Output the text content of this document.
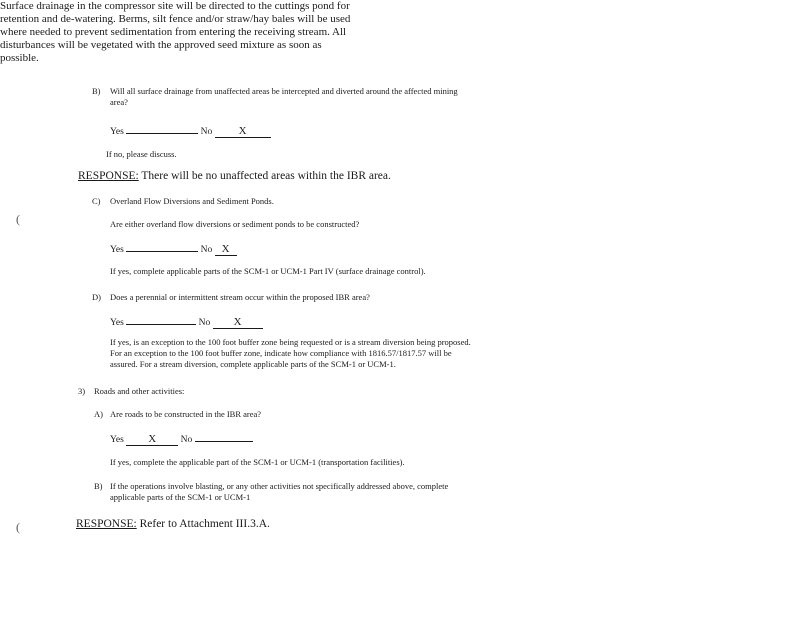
Surface drainage in the compressor site will be directed to the cuttings pond for
retention and de-watering. Berms, silt fence and/or straw/hay bales will be used
where needed to prevent sedimentation from entering the receiving stream. All
disturbances will be vegetated with the approved seed mixture as soon as
possible.
B) Will all surface drainage from unaffected areas be intercepted and diverted around the affected mining
area?
Yes	No X
If no, please discuss.
RESPONSE: There will be no unaffected areas within the IBR area.
(
C) Overland Flow Diversions and Sediment Ponds.
Are either overland flow diversions or sediment ponds to be constructed?
Yes	No X
If yes, complete applicable parts of the SCM-1 or UCM-1 Part IV (surface drainage control).
D) Does a perennial or intermittent stream occur within the proposed IBR area?
Yes	No X
If yes, is an exception to the 100 foot buffer zone being requested or is a stream diversion being proposed.
For an exception to the 100 foot buffer zone, indicate how compliance with 1816.57/1817.57 will be
assured. For a stream diversion, complete applicable parts of the SCM-1 or UCM-1.
3) Roads and other activities:
A) Are roads to be constructed in the IBR area?
Yes X	No
If yes, complete the applicable part of the SCM-1 or UCM-1 (transportation facilities).
B) If the operations involve blasting, or any other activities not specifically addressed above, complete
applicable parts of the SCM-1 or UCM-1
(	RESPONSE: Refer to Attachment III.3.A.
